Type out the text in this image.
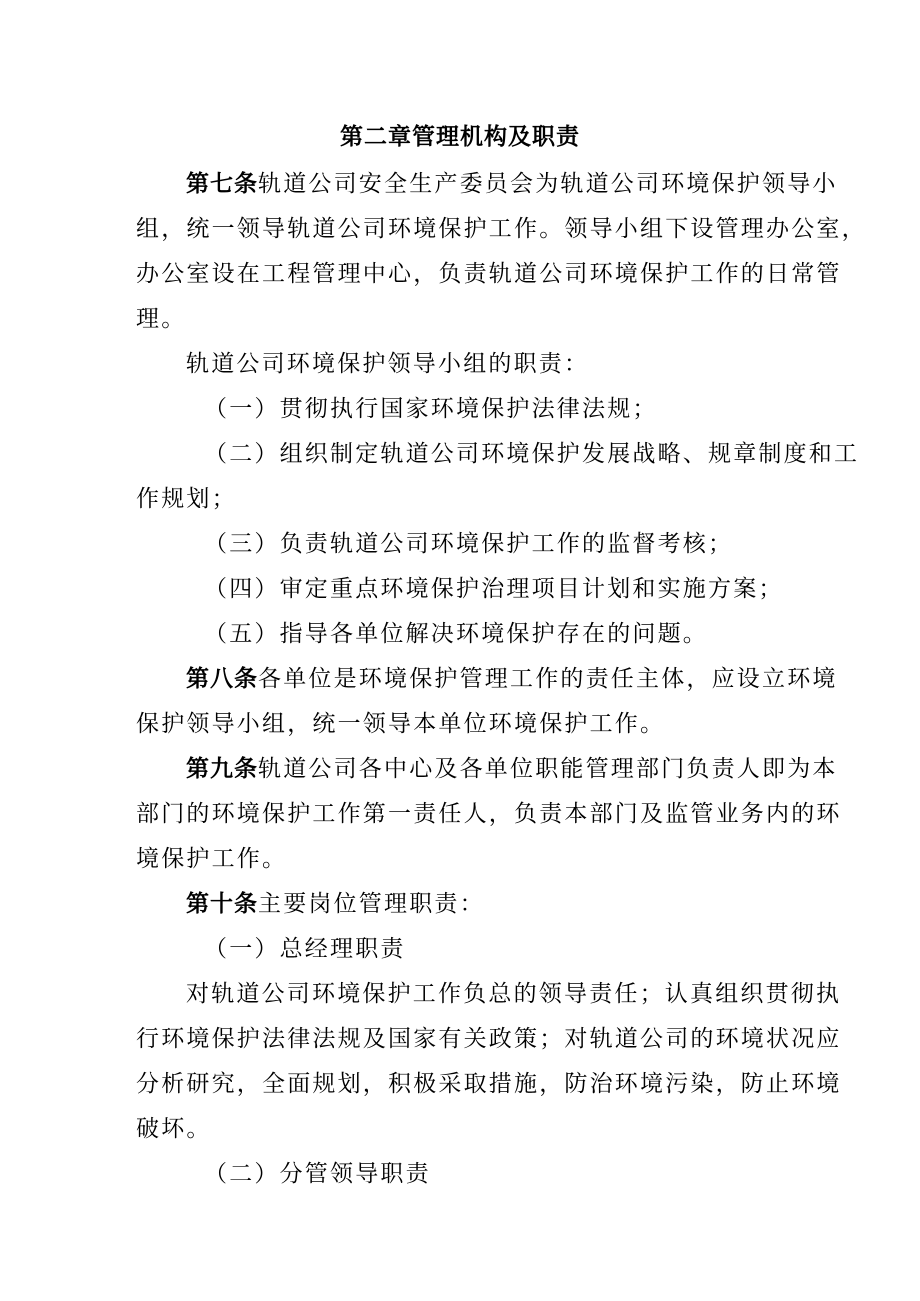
第二章管理机构及职责
第七条轨道公司安全生产委员会为轨道公司环境保护领导小
组，统一领导轨道公司环境保护工作。领导小组下设管理办公室，
办公室设在工程管理中心，负责轨道公司环境保护工作的日常管
理。
轨道公司环境保护领导小组的职责：
（一）贯彻执行国家环境保护法律法规；
（二）组织制定轨道公司环境保护发展战略、规章制度和工
作规划；
（三）负责轨道公司环境保护工作的监督考核；
（四）审定重点环境保护治理项目计划和实施方案；
（五）指导各单位解决环境保护存在的问题。
第八条各单位是环境保护管理工作的责任主体，应设立环境
保护领导小组，统一领导本单位环境保护工作。
第九条轨道公司各中心及各单位职能管理部门负责人即为本
部门的环境保护工作第一责任人，负责本部门及监管业务内的环
境保护工作。
第十条主要岗位管理职责：
（一）总经理职责
对轨道公司环境保护工作负总的领导责任；认真组织贯彻执
行环境保护法律法规及国家有关政策；对轨道公司的环境状况应
分析研究，全面规划，积极采取措施，防治环境污染，防止环境
破坏。
（二）分管领导职责
